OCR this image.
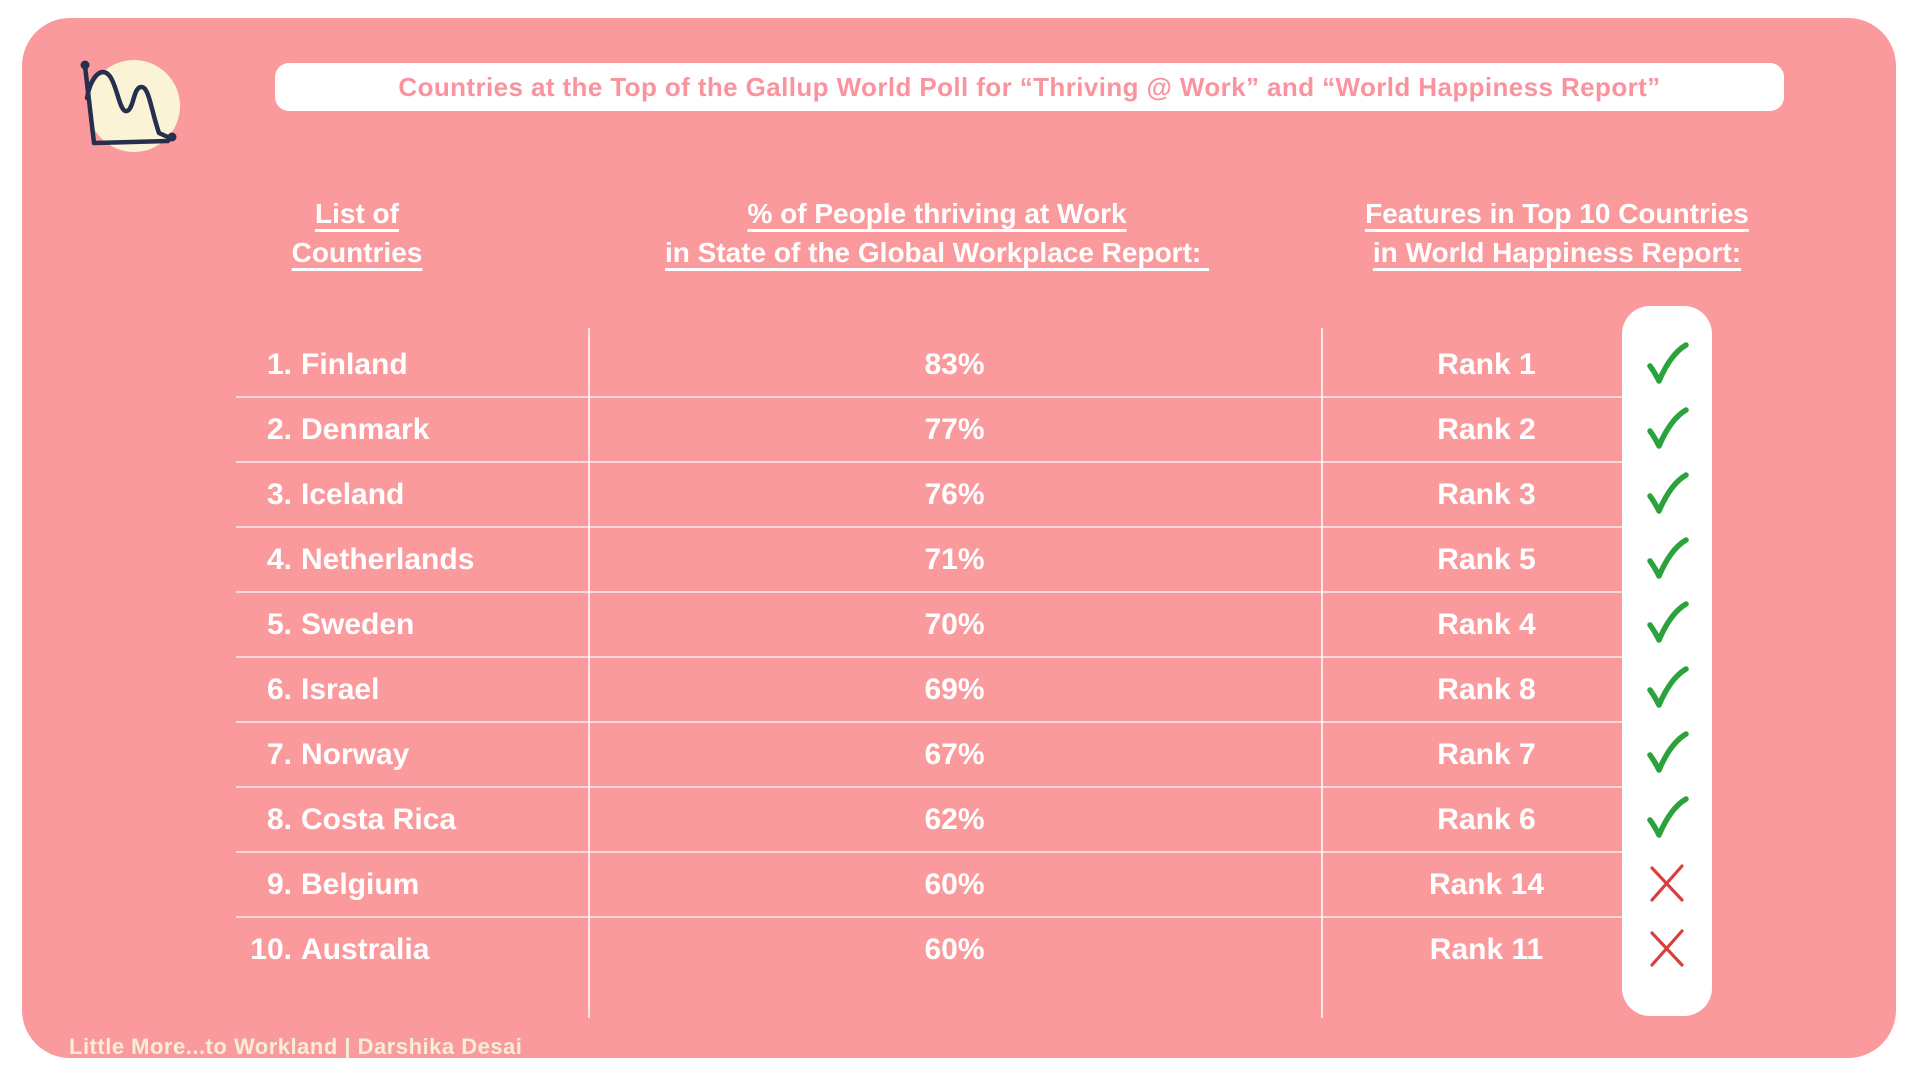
Countries at the Top of the Gallup World Poll for “Thriving @ Work” and “World Happiness Report”
List of
Countries
% of People thriving at Work
in State of the Global Workplace Report:
Features in Top 10 Countries
in World Happiness Report:
1. Finland	83%	Rank 1
2. Denmark	77%	Rank 2
3. Iceland	76%	Rank 3
4. Netherlands	71%	Rank 5
5. Sweden	70%	Rank 4
6. Israel	69%	Rank 8
7. Norway	67%	Rank 7
8. Costa Rica	62%	Rank 6
9. Belgium	60%	Rank 14
10. Australia	60%	Rank 11
Little More...to Workland | Darshika Desai
